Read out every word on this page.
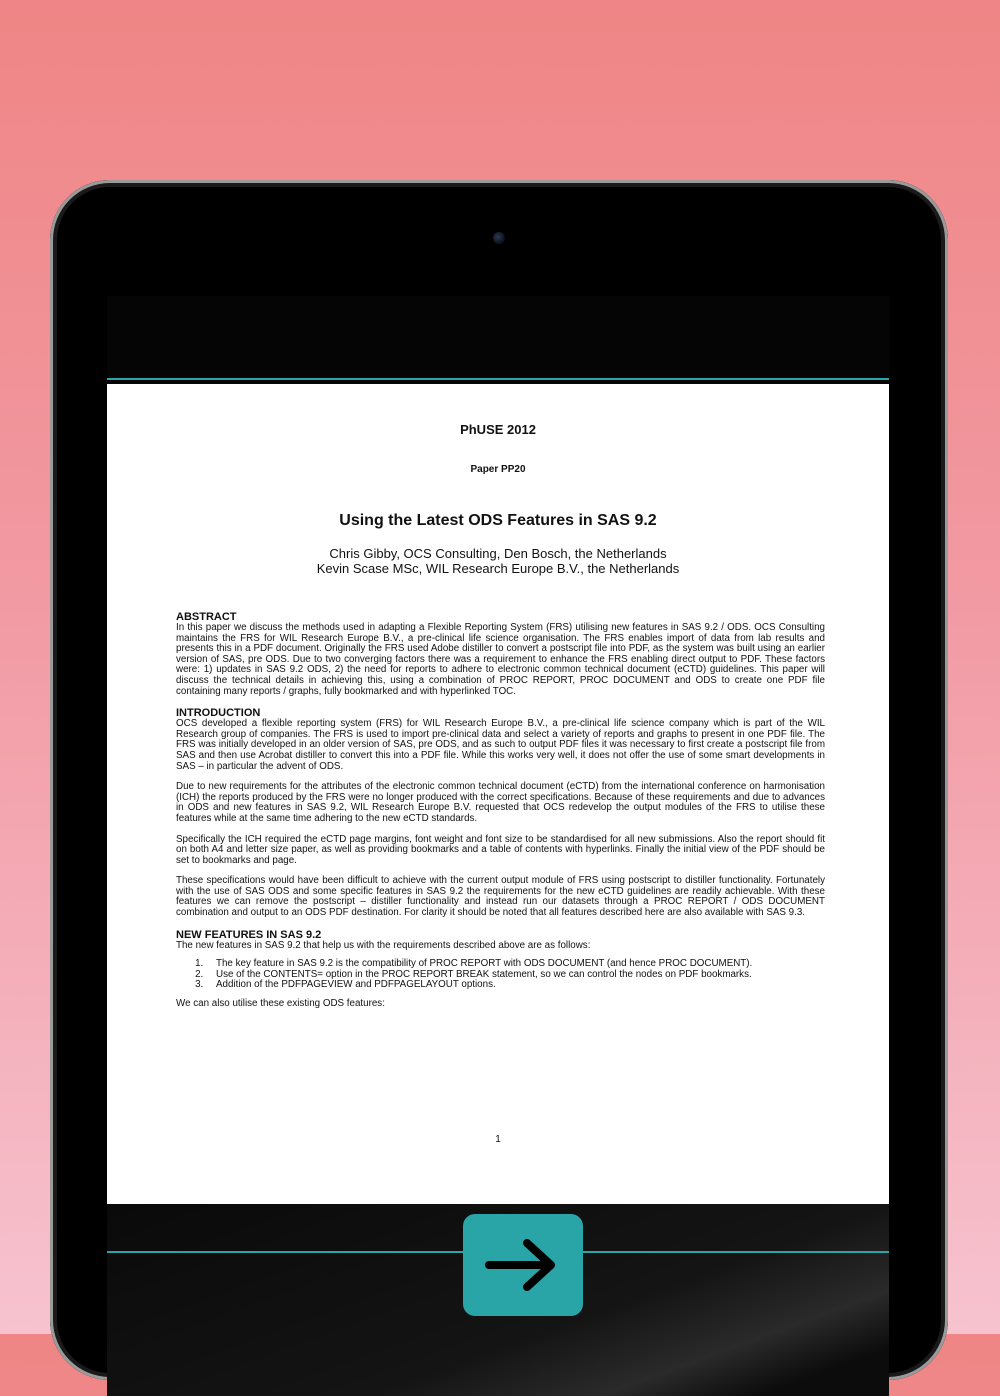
PhUSE 2012
Paper PP20
Using the Latest ODS Features in SAS 9.2
Chris Gibby, OCS Consulting, Den Bosch, the Netherlands
Kevin Scase MSc, WIL Research Europe B.V., the Netherlands
ABSTRACT

In this paper we discuss the methods used in adapting a Flexible Reporting System (FRS) utilising new features in SAS 9.2 / ODS. OCS Consulting maintains the FRS for WIL Research Europe B.V., a pre-clinical life science organisation. The FRS enables import of data from lab results and presents this in a PDF document. Originally the FRS used Adobe distiller to convert a postscript file into PDF, as the system was built using an earlier version of SAS, pre ODS. Due to two converging factors there was a requirement to enhance the FRS enabling direct output to PDF. These factors were: 1) updates in SAS 9.2 ODS, 2) the need for reports to adhere to electronic common technical document (eCTD) guidelines. This paper will discuss the technical details in achieving this, using a combination of PROC REPORT, PROC DOCUMENT and ODS to create one PDF file containing many reports / graphs, fully bookmarked and with hyperlinked TOC.

INTRODUCTION

OCS developed a flexible reporting system (FRS) for WIL Research Europe B.V., a pre-clinical life science company which is part of the WIL Research group of companies. The FRS is used to import pre-clinical data and select a variety of reports and graphs to present in one PDF file. The FRS was initially developed in an older version of SAS, pre ODS, and as such to output PDF files it was necessary to first create a postscript file from SAS and then use Acrobat distiller to convert this into a PDF file. While this works very well, it does not offer the use of some smart developments in SAS – in particular the advent of ODS.

Due to new requirements for the attributes of the electronic common technical document (eCTD) from the international conference on harmonisation (ICH) the reports produced by the FRS were no longer produced with the correct specifications. Because of these requirements and due to advances in ODS and new features in SAS 9.2, WIL Research Europe B.V. requested that OCS redevelop the output modules of the FRS to utilise these features while at the same time adhering to the new eCTD standards.

Specifically the ICH required the eCTD page margins, font weight and font size to be standardised for all new submissions. Also the report should fit on both A4 and letter size paper, as well as providing bookmarks and a table of contents with hyperlinks. Finally the initial view of the PDF should be set to bookmarks and page.

These specifications would have been difficult to achieve with the current output module of FRS using postscript to distiller functionality. Fortunately with the use of SAS ODS and some specific features in SAS 9.2 the requirements for the new eCTD guidelines are readily achievable. With these features we can remove the postscript – distiller functionality and instead run our datasets through a PROC REPORT / ODS DOCUMENT combination and output to an ODS PDF destination. For clarity it should be noted that all features described here are also available with SAS 9.3.

NEW FEATURES IN SAS 9.2

The new features in SAS 9.2 that help us with the requirements described above are as follows:

1. The key feature in SAS 9.2 is the compatibility of PROC REPORT with ODS DOCUMENT (and hence PROC DOCUMENT).
2. Use of the CONTENTS= option in the PROC REPORT BREAK statement, so we can control the nodes on PDF bookmarks.
3. Addition of the PDFPAGEVIEW and PDFPAGELAYOUT options.

We can also utilise these existing ODS features:

1
